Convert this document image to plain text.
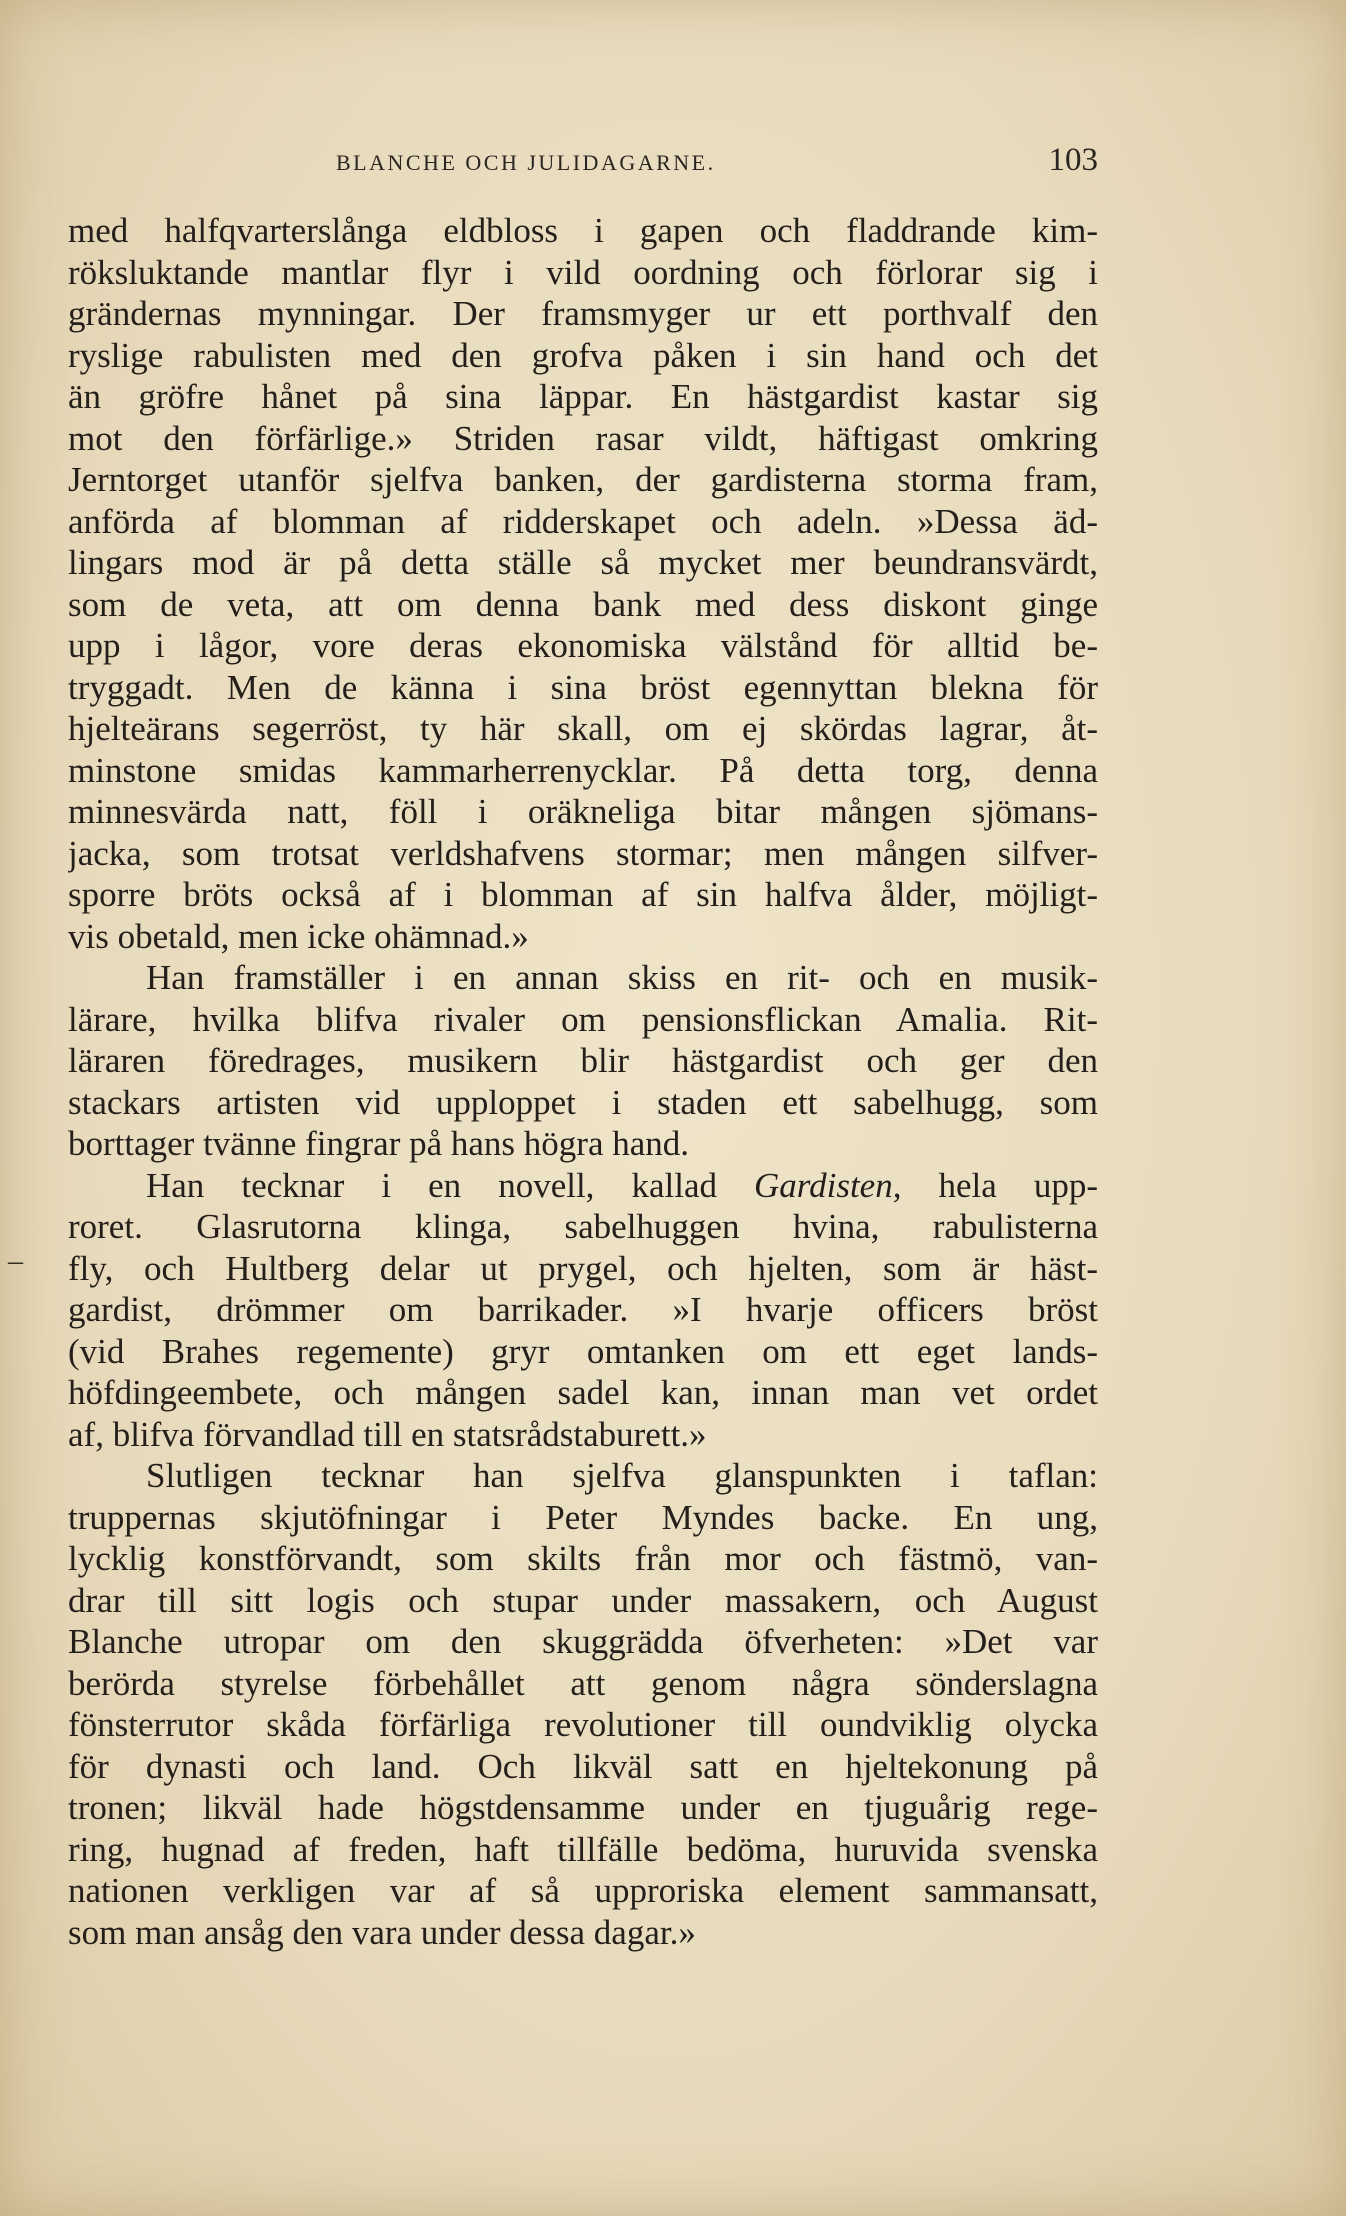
BLANCHE OCH JULIDAGARNE.	103
–
med halfqvarterslånga eldbloss i gapen och fladdrande kim-
röksluktande mantlar flyr i vild oordning och förlorar sig i
grändernas mynningar. Der framsmyger ur ett porthvalf den
ryslige rabulisten med den grofva påken i sin hand och det
än gröfre hånet på sina läppar. En hästgardist kastar sig
mot den förfärlige.» Striden rasar vildt, häftigast omkring
Jerntorget utanför sjelfva banken, der gardisterna storma fram,
anförda af blomman af ridderskapet och adeln. »Dessa äd-
lingars mod är på detta ställe så mycket mer beundransvärdt,
som de veta, att om denna bank med dess diskont ginge
upp i lågor, vore deras ekonomiska välstånd för alltid be-
tryggadt. Men de känna i sina bröst egennyttan blekna för
hjelteärans segerröst, ty här skall, om ej skördas lagrar, åt-
minstone smidas kammarherrenycklar. På detta torg, denna
minnesvärda natt, föll i oräkneliga bitar mången sjömans-
jacka, som trotsat verldshafvens stormar; men mången silfver-
sporre bröts också af i blomman af sin halfva ålder, möjligt-
vis obetald, men icke ohämnad.»
Han framställer i en annan skiss en rit- och en musik-
lärare, hvilka blifva rivaler om pensionsflickan Amalia. Rit-
läraren föredrages, musikern blir hästgardist och ger den
stackars artisten vid upploppet i staden ett sabelhugg, som
borttager tvänne fingrar på hans högra hand.
Han tecknar i en novell, kallad Gardisten, hela upp-
roret. Glasrutorna klinga, sabelhuggen hvina, rabulisterna
fly, och Hultberg delar ut prygel, och hjelten, som är häst-
gardist, drömmer om barrikader. »I hvarje officers bröst
(vid Brahes regemente) gryr omtanken om ett eget lands-
höfdingeembete, och mången sadel kan, innan man vet ordet
af, blifva förvandlad till en statsrådstaburett.»
Slutligen tecknar han sjelfva glanspunkten i taflan:
truppernas skjutöfningar i Peter Myndes backe. En ung,
lycklig konstförvandt, som skilts från mor och fästmö, van-
drar till sitt logis och stupar under massakern, och August
Blanche utropar om den skuggrädda öfverheten: »Det var
berörda styrelse förbehållet att genom några sönderslagna
fönsterrutor skåda förfärliga revolutioner till oundviklig olycka
för dynasti och land. Och likväl satt en hjeltekonung på
tronen; likväl hade högstdensamme under en tjuguårig rege-
ring, hugnad af freden, haft tillfälle bedöma, huruvida svenska
nationen verkligen var af så upproriska element sammansatt,
som man ansåg den vara under dessa dagar.»
